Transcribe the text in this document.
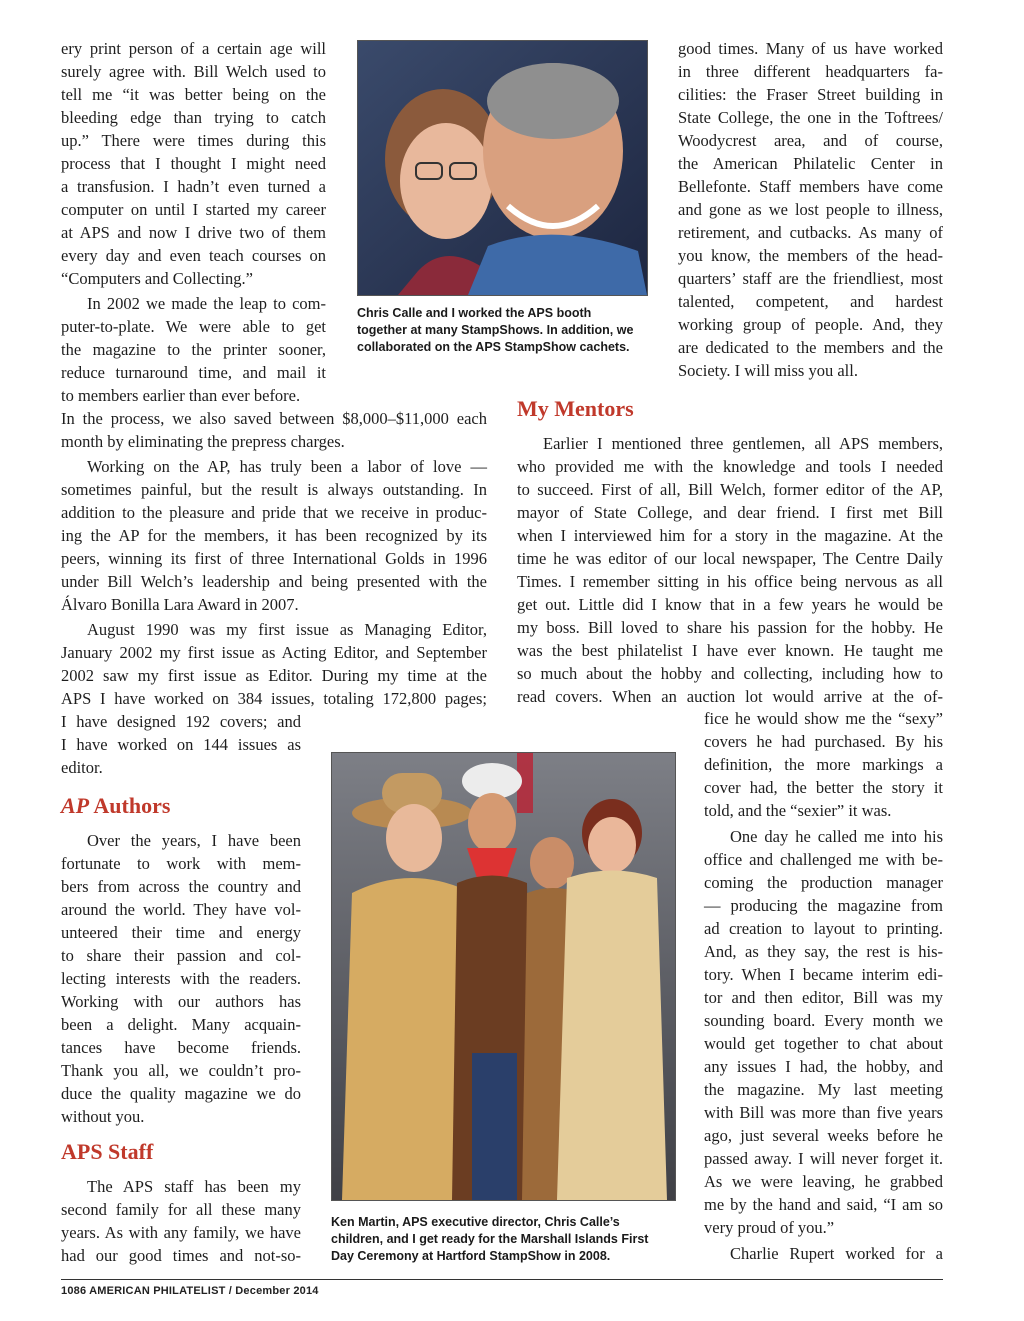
ery print person of a certain age will
surely agree with. Bill Welch used to
tell me “it was better being on the
bleeding edge than trying to catch
up.” There were times during this
process that I thought I might need
a transfusion. I hadn’t even turned a
computer on until I started my career
at APS and now I drive two of them
every day and even teach courses on
“Computers and Collecting.”
In 2002 we made the leap to com-
puter-to-plate. We were able to get
the magazine to the printer sooner,
reduce turnaround time, and mail it
to members earlier than ever before.
In the process, we also saved between $8,000–$11,000 each
month by eliminating the prepress charges.
Working on the AP, has truly been a labor of love —
sometimes painful, but the result is always outstanding. In
addition to the pleasure and pride that we receive in produc-
ing the AP for the members, it has been recognized by its
peers, winning its first of three International Golds in 1996
under Bill Welch’s leadership and being presented with the
Álvaro Bonilla Lara Award in 2007.
August 1990 was my first issue as Managing Editor,
January 2002 my first issue as Acting Editor, and September
2002 saw my first issue as Editor. During my time at the
APS I have worked on 384 issues, totaling 172,800 pages;
I have designed 192 covers; and
I have worked on 144 issues as
editor.
AP Authors
Over the years, I have been
fortunate to work with mem-
bers from across the country and
around the world. They have vol-
unteered their time and energy
to share their passion and col-
lecting interests with the readers.
Working with our authors has
been a delight. Many acquain-
tances have become friends.
Thank you all, we couldn’t pro-
duce the quality magazine we do
without you.
APS Staff
The APS staff has been my
second family for all these many
years. As with any family, we have
had our good times and not-so-
Chris Calle and I worked the APS booth
together at many StampShows. In addition, we
collaborated on the APS StampShow cachets.
good times. Many of us have worked
in three different headquarters fa-
cilities: the Fraser Street building in
State College, the one in the Toftrees/
Woodycrest area, and of course,
the American Philatelic Center in
Bellefonte. Staff members have come
and gone as we lost people to illness,
retirement, and cutbacks. As many of
you know, the members of the head-
quarters’ staff are the friendliest, most
talented, competent, and hardest
working group of people. And, they
are dedicated to the members and the
Society. I will miss you all.
My Mentors
Earlier I mentioned three gentlemen, all APS members,
who provided me with the knowledge and tools I needed
to succeed. First of all, Bill Welch, former editor of the AP,
mayor of State College, and dear friend. I first met Bill
when I interviewed him for a story in the magazine. At the
time he was editor of our local newspaper, The Centre Daily
Times. I remember sitting in his office being nervous as all
get out. Little did I know that in a few years he would be
my boss. Bill loved to share his passion for the hobby. He
was the best philatelist I have ever known. He taught me
so much about the hobby and collecting, including how to
read covers. When an auction lot would arrive at the of-
Ken Martin, APS executive director, Chris Calle’s
children, and I get ready for the Marshall Islands First
Day Ceremony at Hartford StampShow in 2008.
fice he would show me the “sexy”
covers he had purchased. By his
definition, the more markings a
cover had, the better the story it
told, and the “sexier” it was.
One day he called me into his
office and challenged me with be-
coming the production manager
— producing the magazine from
ad creation to layout to printing.
And, as they say, the rest is his-
tory. When I became interim edi-
tor and then editor, Bill was my
sounding board. Every month we
would get together to chat about
any issues I had, the hobby, and
the magazine. My last meeting
with Bill was more than five years
ago, just several weeks before he
passed away. I will never forget it.
As we were leaving, he grabbed
me by the hand and said, “I am so
very proud of you.”
Charlie Rupert worked for a
1086 AMERICAN PHILATELIST / December 2014
